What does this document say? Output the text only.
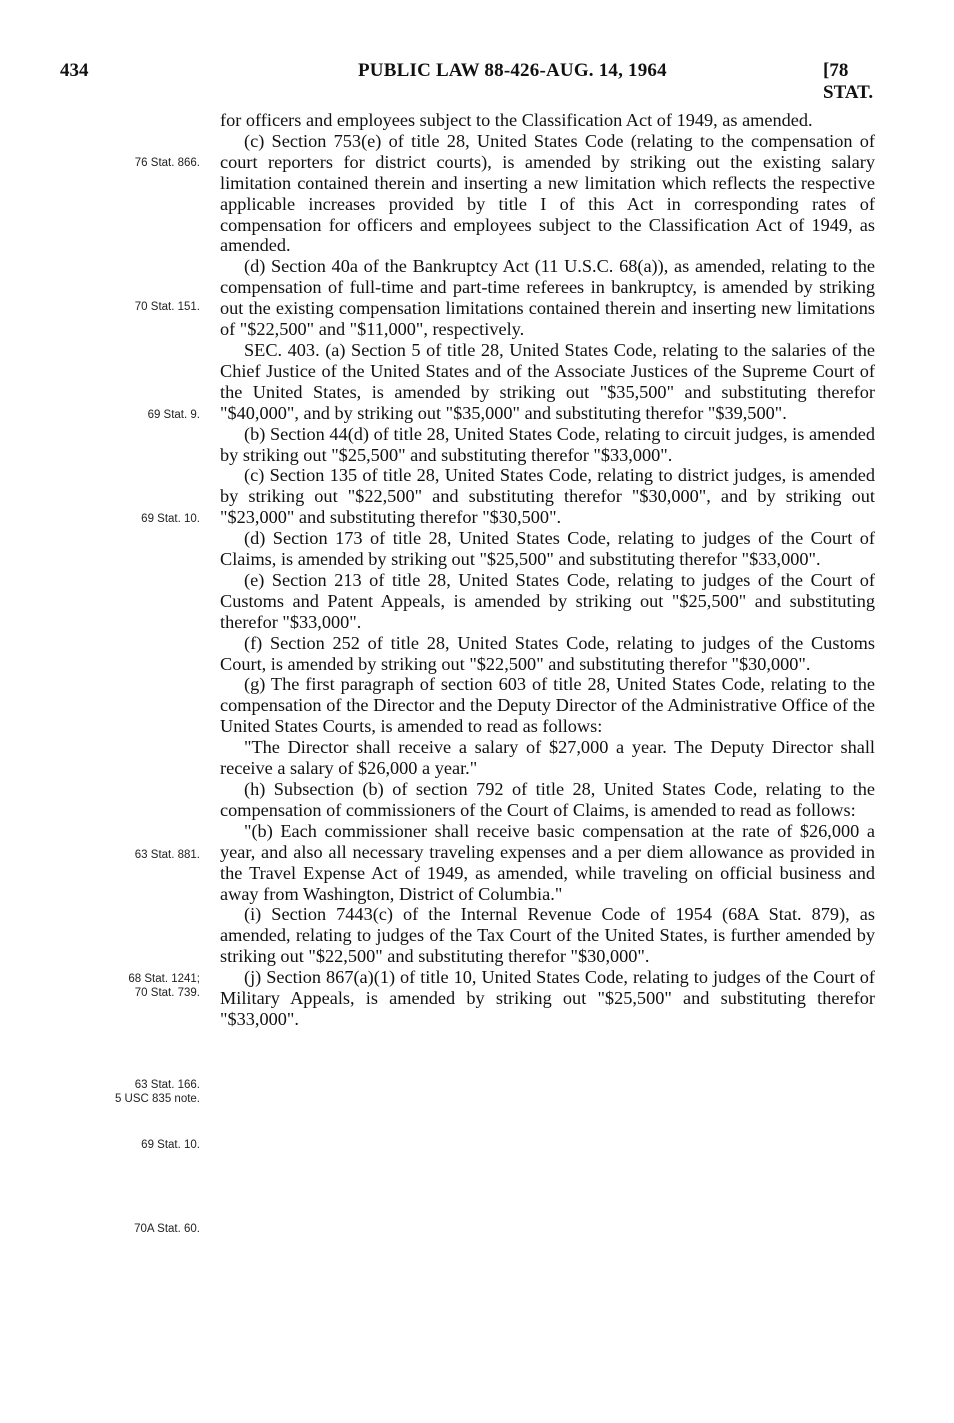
434	PUBLIC LAW 88-426-AUG. 14, 1964	[78 STAT.
76 Stat. 866.
70 Stat. 151.
69 Stat. 9.
69 Stat. 10.
63 Stat. 881.
68 Stat. 1241;
70 Stat. 739.
63 Stat. 166.
5 USC 835 note.
69 Stat. 10.
70A Stat. 60.

for officers and employees subject to the Classification Act of 1949, as amended.

(c) Section 753(e) of title 28, United States Code (relating to the compensation of court reporters for district courts), is amended by striking out the existing salary limitation contained therein and inserting a new limitation which reflects the respective applicable increases provided by title I of this Act in corresponding rates of compensation for officers and employees subject to the Classification Act of 1949, as amended.

(d) Section 40a of the Bankruptcy Act (11 U.S.C. 68(a)), as amended, relating to the compensation of full-time and part-time referees in bankruptcy, is amended by striking out the existing compensation limitations contained therein and inserting new limitations of "$22,500" and "$11,000", respectively.

SEC. 403. (a) Section 5 of title 28, United States Code, relating to the salaries of the Chief Justice of the United States and of the Associate Justices of the Supreme Court of the United States, is amended by striking out "$35,500" and substituting therefor "$40,000", and by striking out "$35,000" and substituting therefor "$39,500".

(b) Section 44(d) of title 28, United States Code, relating to circuit judges, is amended by striking out "$25,500" and substituting therefor "$33,000".

(c) Section 135 of title 28, United States Code, relating to district judges, is amended by striking out "$22,500" and substituting therefor "$30,000", and by striking out "$23,000" and substituting therefor "$30,500".

(d) Section 173 of title 28, United States Code, relating to judges of the Court of Claims, is amended by striking out "$25,500" and substituting therefor "$33,000".

(e) Section 213 of title 28, United States Code, relating to judges of the Court of Customs and Patent Appeals, is amended by striking out "$25,500" and substituting therefor "$33,000".

(f) Section 252 of title 28, United States Code, relating to judges of the Customs Court, is amended by striking out "$22,500" and substituting therefor "$30,000".

(g) The first paragraph of section 603 of title 28, United States Code, relating to the compensation of the Director and the Deputy Director of the Administrative Office of the United States Courts, is amended to read as follows:

"The Director shall receive a salary of $27,000 a year. The Deputy Director shall receive a salary of $26,000 a year."

(h) Subsection (b) of section 792 of title 28, United States Code, relating to the compensation of commissioners of the Court of Claims, is amended to read as follows:

"(b) Each commissioner shall receive basic compensation at the rate of $26,000 a year, and also all necessary traveling expenses and a per diem allowance as provided in the Travel Expense Act of 1949, as amended, while traveling on official business and away from Washington, District of Columbia."

(i) Section 7443(c) of the Internal Revenue Code of 1954 (68A Stat. 879), as amended, relating to judges of the Tax Court of the United States, is further amended by striking out "$22,500" and substituting therefor "$30,000".

(j) Section 867(a)(1) of title 10, United States Code, relating to judges of the Court of Military Appeals, is amended by striking out "$25,500" and substituting therefor "$33,000".
